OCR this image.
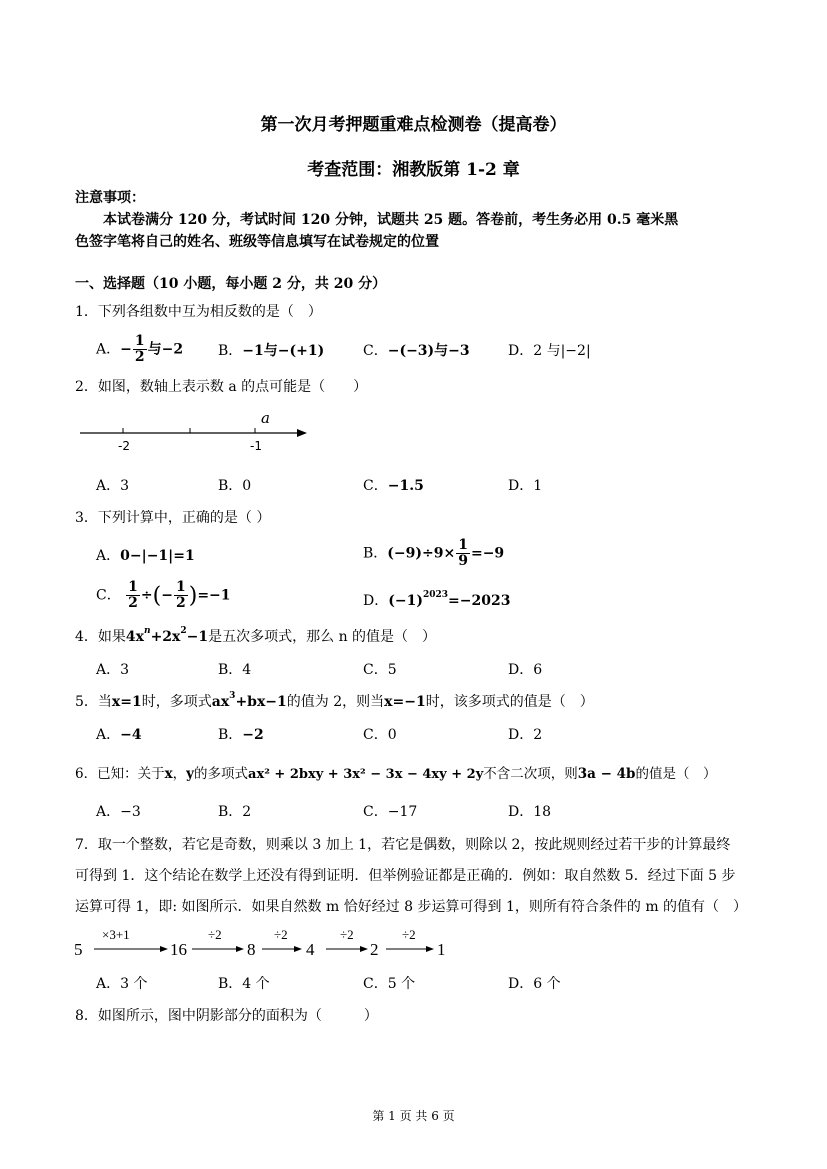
第一次月考押题重难点检测卷（提高卷）
考查范围：湘教版第 1-2 章
注意事项：
本试卷满分 120 分，考试时间 120 分钟，试题共 25 题。答卷前，考生务必用 0.5 毫米黑
色签字笔将自己的姓名、班级等信息填写在试卷规定的位置
一、选择题（10 小题，每小题 2 分，共 20 分）
1．下列各组数中互为相反数的是（　）
A．− $\frac{1}{2}$ 与−2 B．−1与−(+1)	C．−(−3)与−3	D．2 与|−2|
2．如图，数轴上表示数 a 的点可能是（　　）
a
-2	-1
A．3	B．0	C．−1.5	D．1
3．下列计算中，正确的是（ ）
A．0−|−1|=1	B．$(-9)\div 9\times \frac{1}{9} =-9$
C． $\frac{1}{2}$ ÷(− $\frac{1}{2} )=-1$	D．$(-1)^{2023}=-2023$
4．如果$4x^n+2x^2-1$是五次多项式，那么 n 的值是（　）
A．3	B．4	C．5	D．6
5．当x=1时，多项式$ax^3+bx-1$的值为 2，则当x=−1时，该多项式的值是（　）
A．−4	B．−2	C．0	D．2
6．已知：关于x，y的多项式ax² + 2bxy + 3x² − 3x − 4xy + 2y不含二次项，则3a − 4b的值是（　）
A．−3	B．2	C．−17	D．18
7．取一个整数，若它是奇数，则乘以 3 加上 1，若它是偶数，则除以 2，按此规则经过若干步的计算最终
可得到 1．这个结论在数学上还没有得到证明．但举例验证都是正确的．例如：取自然数 5．经过下面 5 步
运算可得 1，即: 如图所示．如果自然数 m 恰好经过 8 步运算可得到 1，则所有符合条件的 m 的值有（　）
5
×3+1
16
÷2
8
÷2
4
÷2
2
÷2
1
A．3 个	B．4 个	C．5 个	D．6 个
8．如图所示，图中阴影部分的面积为（　　　）
第 1 页 共 6 页
